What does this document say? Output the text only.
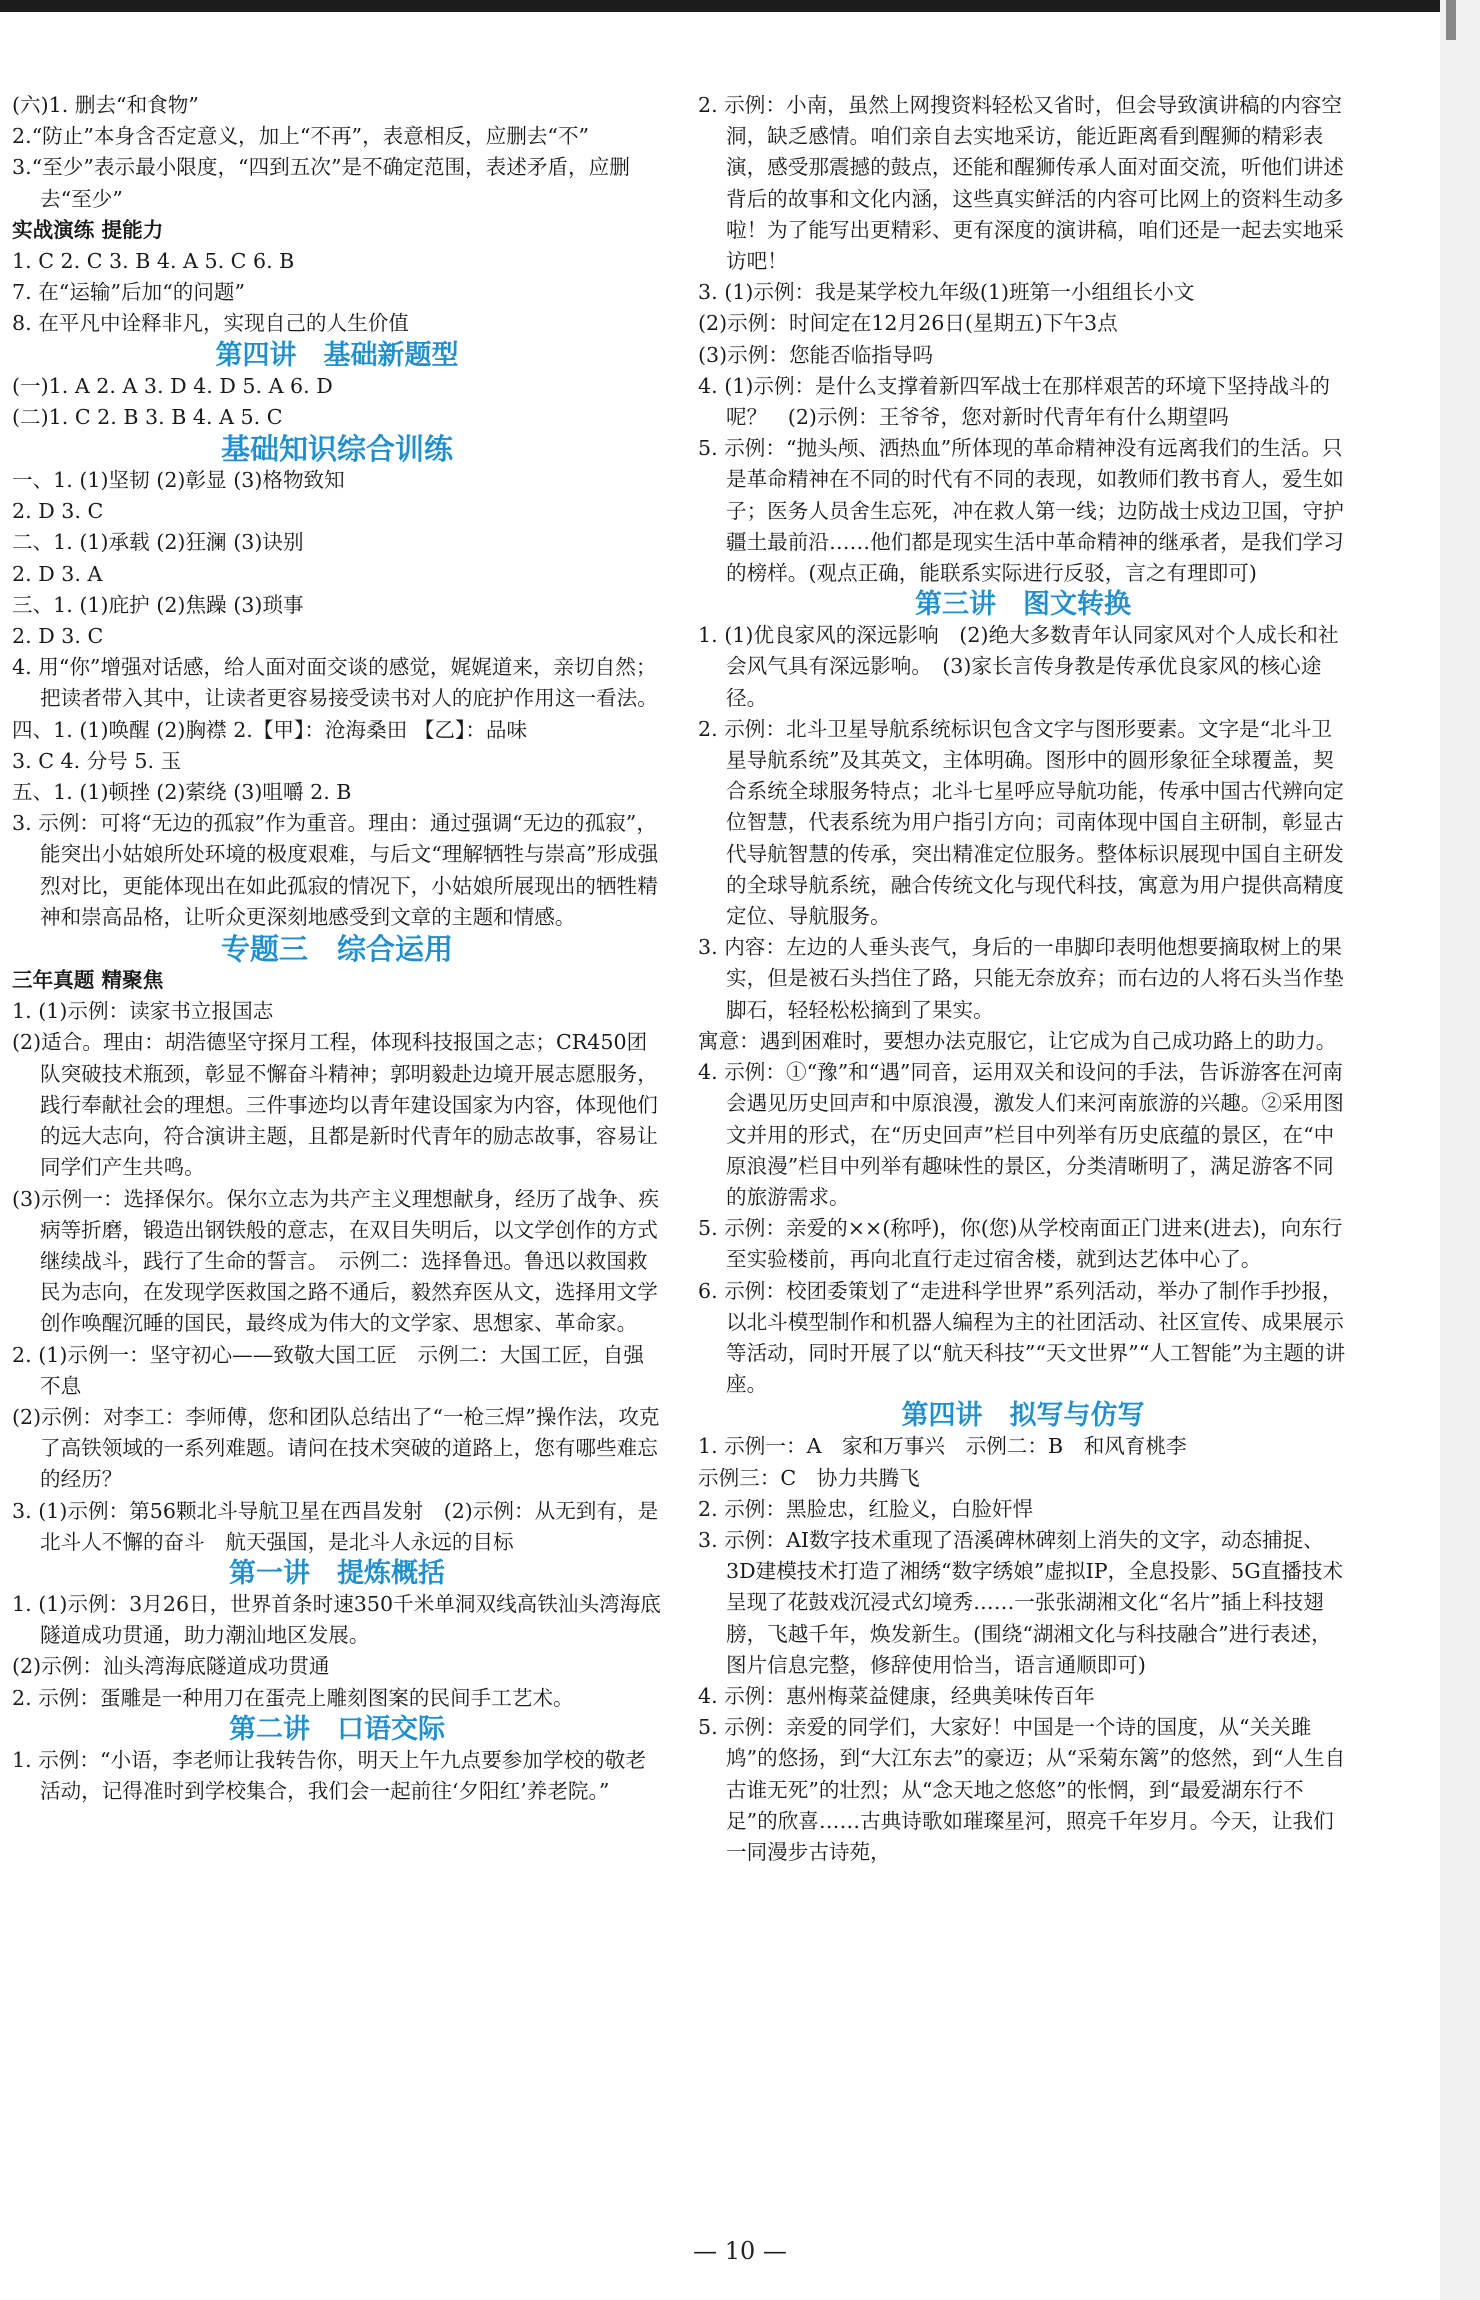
(六)1. 删去“和食物”

2.“防止”本身含否定意义，加上“不再”，表意相反，应删去“不”

3.“至少”表示最小限度，“四到五次”是不确定范围，表述矛盾，应删去“至少”

实战演练 提能力

1. C 2. C 3. B 4. A 5. C 6. B

7. 在“运输”后加“的问题”

8. 在平凡中诠释非凡，实现自己的人生价值

第四讲　基础新题型

(一)1. A 2. A 3. D 4. D 5. A 6. D

(二)1. C 2. B 3. B 4. A 5. C

基础知识综合训练

一、1. (1)坚韧 (2)彰显 (3)格物致知

2. D 3. C

二、1. (1)承载 (2)狂澜 (3)诀别

2. D 3. A

三、1. (1)庇护 (2)焦躁 (3)琐事

2. D 3. C

4. 用“你”增强对话感，给人面对面交谈的感觉，娓娓道来，亲切自然；把读者带入其中，让读者更容易接受读书对人的庇护作用这一看法。

四、1. (1)唤醒 (2)胸襟 2.【甲】：沧海桑田 【乙】：品味

3. C 4. 分号 5. 玉

五、1. (1)顿挫 (2)萦绕 (3)咀嚼 2. B

3. 示例：可将“无边的孤寂”作为重音。理由：通过强调“无边的孤寂”，能突出小姑娘所处环境的极度艰难，与后文“理解牺牲与崇高”形成强烈对比，更能体现出在如此孤寂的情况下，小姑娘所展现出的牺牲精神和崇高品格，让听众更深刻地感受到文章的主题和情感。

专题三　综合运用

三年真题 精聚焦

1. (1)示例：读家书立报国志

(2)适合。理由：胡浩德坚守探月工程，体现科技报国之志；CR450团队突破技术瓶颈，彰显不懈奋斗精神；郭明毅赴边境开展志愿服务，践行奉献社会的理想。三件事迹均以青年建设国家为内容，体现他们的远大志向，符合演讲主题，且都是新时代青年的励志故事，容易让同学们产生共鸣。

(3)示例一：选择保尔。保尔立志为共产主义理想献身，经历了战争、疾病等折磨，锻造出钢铁般的意志，在双目失明后，以文学创作的方式继续战斗，践行了生命的誓言。　示例二：选择鲁迅。鲁迅以救国救民为志向，在发现学医救国之路不通后，毅然弃医从文，选择用文学创作唤醒沉睡的国民，最终成为伟大的文学家、思想家、革命家。

2. (1)示例一：坚守初心——致敬大国工匠　示例二：大国工匠，自强不息

(2)示例：对李工：李师傅，您和团队总结出了“一枪三焊”操作法，攻克了高铁领域的一系列难题。请问在技术突破的道路上，您有哪些难忘的经历？

3. (1)示例：第56颗北斗导航卫星在西昌发射　(2)示例：从无到有，是北斗人不懈的奋斗　航天强国，是北斗人永远的目标

第一讲　提炼概括

1. (1)示例：3月26日，世界首条时速350千米单洞双线高铁汕头湾海底隧道成功贯通，助力潮汕地区发展。

(2)示例：汕头湾海底隧道成功贯通

2. 示例：蛋雕是一种用刀在蛋壳上雕刻图案的民间手工艺术。

第二讲　口语交际

1. 示例：“小语，李老师让我转告你，明天上午九点要参加学校的敬老活动，记得准时到学校集合，我们会一起前往‘夕阳红’养老院。”

2. 示例：小南，虽然上网搜资料轻松又省时，但会导致演讲稿的内容空洞，缺乏感情。咱们亲自去实地采访，能近距离看到醒狮的精彩表演，感受那震撼的鼓点，还能和醒狮传承人面对面交流，听他们讲述背后的故事和文化内涵，这些真实鲜活的内容可比网上的资料生动多啦！为了能写出更精彩、更有深度的演讲稿，咱们还是一起去实地采访吧！

3. (1)示例：我是某学校九年级(1)班第一小组组长小文

(2)示例：时间定在12月26日(星期五)下午3点

(3)示例：您能否临指导吗

4. (1)示例：是什么支撑着新四军战士在那样艰苦的环境下坚持战斗的呢？　(2)示例：王爷爷，您对新时代青年有什么期望吗

5. 示例：“抛头颅、洒热血”所体现的革命精神没有远离我们的生活。只是革命精神在不同的时代有不同的表现，如教师们教书育人，爱生如子；医务人员舍生忘死，冲在救人第一线；边防战士戍边卫国，守护疆土最前沿……他们都是现实生活中革命精神的继承者，是我们学习的榜样。(观点正确，能联系实际进行反驳，言之有理即可)

第三讲　图文转换

1. (1)优良家风的深远影响　(2)绝大多数青年认同家风对个人成长和社会风气具有深远影响。　(3)家长言传身教是传承优良家风的核心途径。

2. 示例：北斗卫星导航系统标识包含文字与图形要素。文字是“北斗卫星导航系统”及其英文，主体明确。图形中的圆形象征全球覆盖，契合系统全球服务特点；北斗七星呼应导航功能，传承中国古代辨向定位智慧，代表系统为用户指引方向；司南体现中国自主研制，彰显古代导航智慧的传承，突出精准定位服务。整体标识展现中国自主研发的全球导航系统，融合传统文化与现代科技，寓意为用户提供高精度定位、导航服务。

3. 内容：左边的人垂头丧气，身后的一串脚印表明他想要摘取树上的果实，但是被石头挡住了路，只能无奈放弃；而右边的人将石头当作垫脚石，轻轻松松摘到了果实。

寓意：遇到困难时，要想办法克服它，让它成为自己成功路上的助力。

4. 示例：①“豫”和“遇”同音，运用双关和设问的手法，告诉游客在河南会遇见历史回声和中原浪漫，激发人们来河南旅游的兴趣。②采用图文并用的形式，在“历史回声”栏目中列举有历史底蕴的景区，在“中原浪漫”栏目中列举有趣味性的景区，分类清晰明了，满足游客不同的旅游需求。

5. 示例：亲爱的××(称呼)，你(您)从学校南面正门进来(进去)，向东行至实验楼前，再向北直行走过宿舍楼，就到达艺体中心了。

6. 示例：校团委策划了“走进科学世界”系列活动，举办了制作手抄报，以北斗模型制作和机器人编程为主的社团活动、社区宣传、成果展示等活动，同时开展了以“航天科技”“天文世界”“人工智能”为主题的讲座。

第四讲　拟写与仿写

1. 示例一：A　家和万事兴　示例二：B　和风育桃李

示例三：C　协力共腾飞

2. 示例：黑脸忠，红脸义，白脸奸悍

3. 示例：AI数字技术重现了浯溪碑林碑刻上消失的文字，动态捕捉、3D建模技术打造了湘绣“数字绣娘”虚拟IP，全息投影、5G直播技术呈现了花鼓戏沉浸式幻境秀……一张张湖湘文化“名片”插上科技翅膀，飞越千年，焕发新生。(围绕“湖湘文化与科技融合”进行表述，图片信息完整，修辞使用恰当，语言通顺即可)

4. 示例：惠州梅菜益健康，经典美味传百年

5. 示例：亲爱的同学们，大家好！中国是一个诗的国度，从“关关雎鸠”的悠扬，到“大江东去”的豪迈；从“采菊东篱”的悠然，到“人生自古谁无死”的壮烈；从“念天地之悠悠”的怅惘，到“最爱湖东行不足”的欣喜……古典诗歌如璀璨星河，照亮千年岁月。今天，让我们一同漫步古诗苑，

— 10 —
